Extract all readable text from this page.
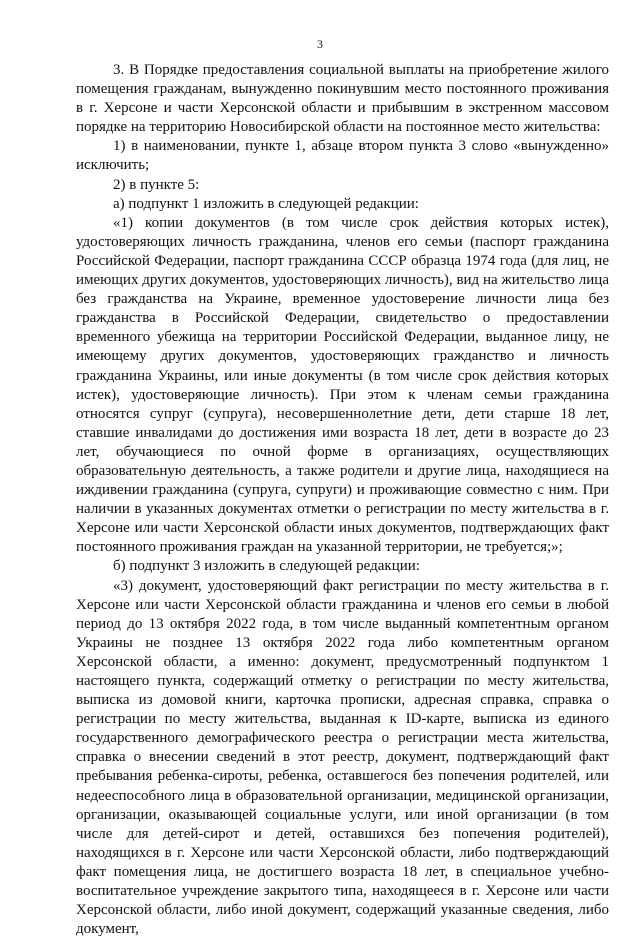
3

3. В Порядке предоставления социальной выплаты на приобретение жилого помещения гражданам, вынужденно покинувшим место постоянного проживания в г. Херсоне и части Херсонской области и прибывшим в экстренном массовом порядке на территорию Новосибирской области на постоянное место жительства:

1) в наименовании, пункте 1, абзаце втором пункта 3 слово «вынужденно» исключить;

2) в пункте 5:

а) подпункт 1 изложить в следующей редакции:

«1) копии документов (в том числе срок действия которых истек), удостоверяющих личность гражданина, членов его семьи (паспорт гражданина Российской Федерации, паспорт гражданина СССР образца 1974 года (для лиц, не имеющих других документов, удостоверяющих личность), вид на жительство лица без гражданства на Украине, временное удостоверение личности лица без гражданства в Российской Федерации, свидетельство о предоставлении временного убежища на территории Российской Федерации, выданное лицу, не имеющему других документов, удостоверяющих гражданство и личность гражданина Украины, или иные документы (в том числе срок действия которых истек), удостоверяющие личность). При этом к членам семьи гражданина относятся супруг (супруга), несовершеннолетние дети, дети старше 18 лет, ставшие инвалидами до достижения ими возраста 18 лет, дети в возрасте до 23 лет, обучающиеся по очной форме в организациях, осуществляющих образовательную деятельность, а также родители и другие лица, находящиеся на иждивении гражданина (супруга, супруги) и проживающие совместно с ним. При наличии в указанных документах отметки о регистрации по месту жительства в г. Херсоне или части Херсонской области иных документов, подтверждающих факт постоянного проживания граждан на указанной территории, не требуется;»;

б) подпункт 3 изложить в следующей редакции:

«3) документ, удостоверяющий факт регистрации по месту жительства в г. Херсоне или части Херсонской области гражданина и членов его семьи в любой период до 13 октября 2022 года, в том числе выданный компетентным органом Украины не позднее 13 октября 2022 года либо компетентным органом Херсонской области, а именно: документ, предусмотренный подпунктом 1 настоящего пункта, содержащий отметку о регистрации по месту жительства, выписка из домовой книги, карточка прописки, адресная справка, справка о регистрации по месту жительства, выданная к ID-карте, выписка из единого государственного демографического реестра о регистрации места жительства, справка о внесении сведений в этот реестр, документ, подтверждающий факт пребывания ребенка-сироты, ребенка, оставшегося без попечения родителей, или недееспособного лица в образовательной организации, медицинской организации, организации, оказывающей социальные услуги, или иной организации (в том числе для детей-сирот и детей, оставшихся без попечения родителей), находящихся в г. Херсоне или части Херсонской области, либо подтверждающий факт помещения лица, не достигшего возраста 18 лет, в специальное учебно-воспитательное учреждение закрытого типа, находящееся в г. Херсоне или части Херсонской области, либо иной документ, содержащий указанные сведения, либо документ,
